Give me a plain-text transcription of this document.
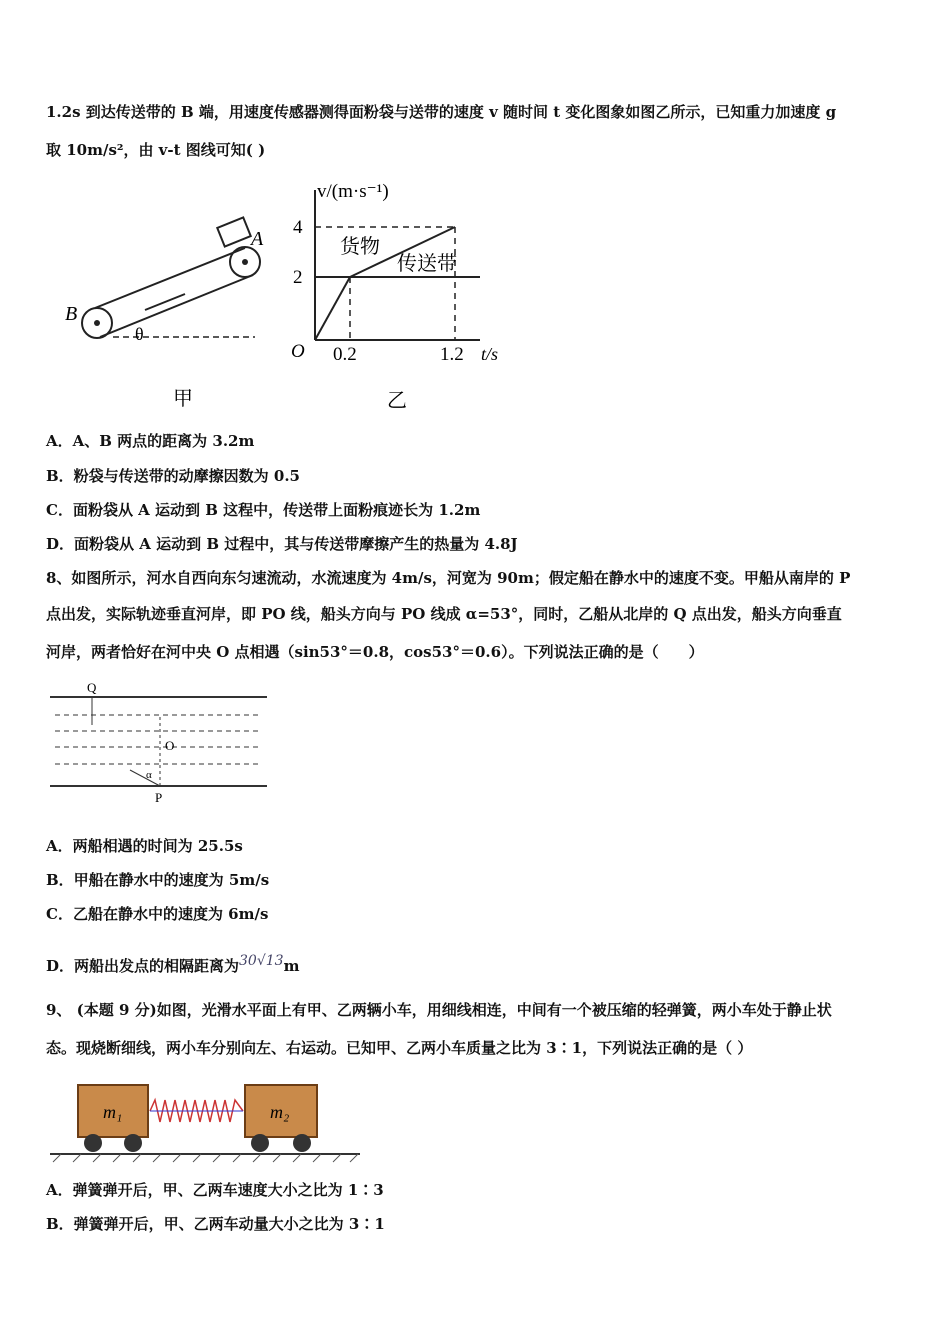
1.2s 到达传送带的 B 端，用速度传感器测得面粉袋与送带的速度 v 随时间 t 变化图象如图乙所示，已知重力加速度 g
取 10m/s²，由 v-t 图线可知( )
A
B
θ
甲
v/(m·s⁻¹)
4
2
O 0.2	1.2 t/s
货物
传送带
乙
A．A、B 两点的距离为 3.2m
B．粉袋与传送带的动摩擦因数为 0.5
C．面粉袋从 A 运动到 B 这程中，传送带上面粉痕迹长为 1.2m
D．面粉袋从 A 运动到 B 过程中，其与传送带摩擦产生的热量为 4.8J
8、如图所示，河水自西向东匀速流动，水流速度为 4m/s，河宽为 90m；假定船在静水中的速度不变。甲船从南岸的 P
点出发，实际轨迹垂直河岸，即 PO 线，船头方向与 PO 线成 α=53°，同时，乙船从北岸的 Q 点出发，船头方向垂直
河岸，两者恰好在河中央 O 点相遇（sin53°＝0.8，cos53°＝0.6）。下列说法正确的是（　　）
Q
O
P
α
A．两船相遇的时间为 25.5s
B．甲船在静水中的速度为 5m/s
C．乙船在静水中的速度为 6m/s
D．两船出发点的相隔距离为$^{30√13}$m
9、 (本题 9 分)如图，光滑水平面上有甲、乙两辆小车，用细线相连，中间有一个被压缩的轻弹簧，两小车处于静止状
态。现烧断细线，两小车分别向左、右运动。已知甲、乙两小车质量之比为 3∶1，下列说法正确的是（ ）
m₁	m₂
A．弹簧弹开后，甲、乙两车速度大小之比为 1∶3
B．弹簧弹开后，甲、乙两车动量大小之比为 3∶1
